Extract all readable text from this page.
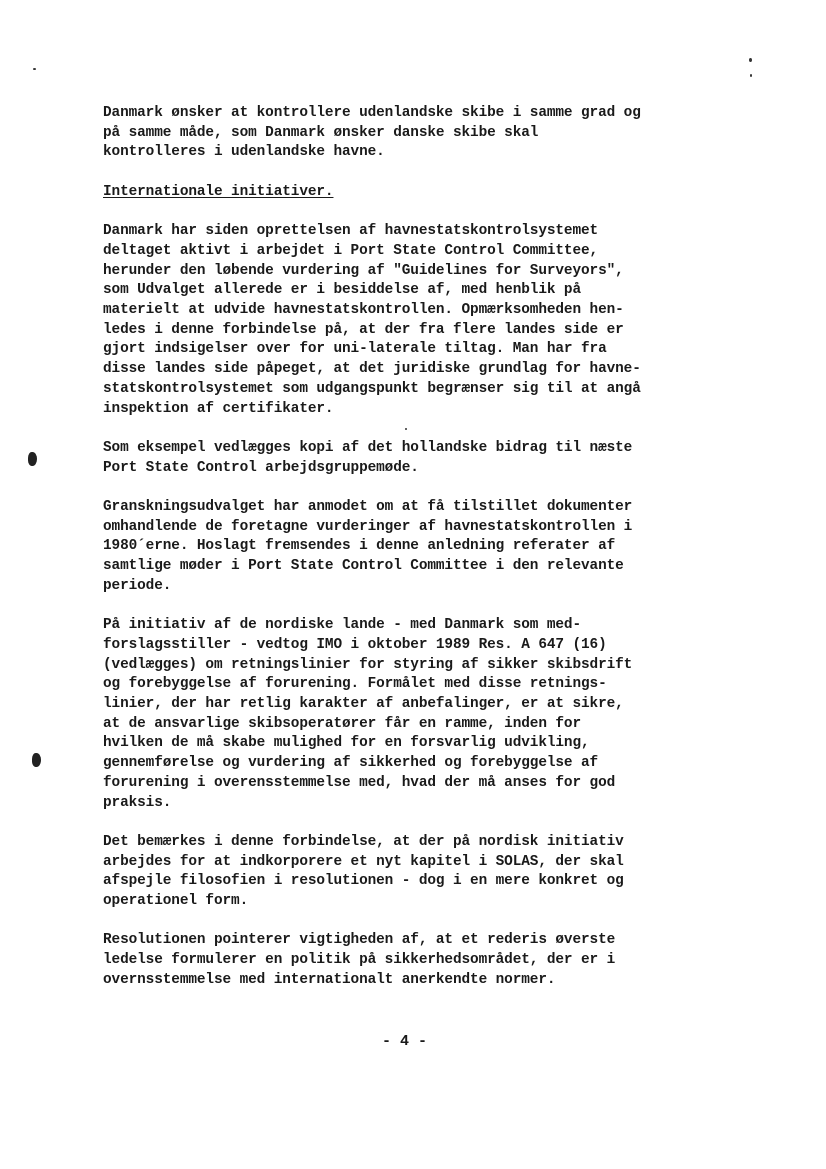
Danmark ønsker at kontrollere udenlandske skibe i samme grad og
på samme måde, som Danmark ønsker danske skibe skal
kontrolleres i udenlandske havne.

Internationale initiativer.

Danmark har siden oprettelsen af havnestatskontrolsystemet
deltaget aktivt i arbejdet i Port State Control Committee,
herunder den løbende vurdering af "Guidelines for Surveyors",
som Udvalget allerede er i besiddelse af, med henblik på
materielt at udvide havnestatskontrollen. Opmærksomheden hen-
ledes i denne forbindelse på, at der fra flere landes side er
gjort indsigelser over for uni-laterale tiltag. Man har fra
disse landes side påpeget, at det juridiske grundlag for havne-
statskontrolsystemet som udgangspunkt begrænser sig til at angå
inspektion af certifikater.

Som eksempel vedlægges kopi af det hollandske bidrag til næste
Port State Control arbejdsgruppemøde.

Granskningsudvalget har anmodet om at få tilstillet dokumenter
omhandlende de foretagne vurderinger af havnestatskontrollen i
1980´erne. Hoslagt fremsendes i denne anledning referater af
samtlige møder i Port State Control Committee i den relevante
periode.

På initiativ af de nordiske lande - med Danmark som med-
forslagsstiller - vedtog IMO i oktober 1989 Res. A 647 (16)
(vedlægges) om retningslinier for styring af sikker skibsdrift
og forebyggelse af forurening. Formålet med disse retnings-
linier, der har retlig karakter af anbefalinger, er at sikre,
at de ansvarlige skibsoperatører får en ramme, inden for
hvilken de må skabe mulighed for en forsvarlig udvikling,
gennemførelse og vurdering af sikkerhed og forebyggelse af
forurening i overensstemmelse med, hvad der må anses for god
praksis.

Det bemærkes i denne forbindelse, at der på nordisk initiativ
arbejdes for at indkorporere et nyt kapitel i SOLAS, der skal
afspejle filosofien i resolutionen - dog i en mere konkret og
operationel form.

Resolutionen pointerer vigtigheden af, at et rederis øverste
ledelse formulerer en politik på sikkerhedsområdet, der er i
overnsstemmelse med internationalt anerkendte normer.

- 4 -
